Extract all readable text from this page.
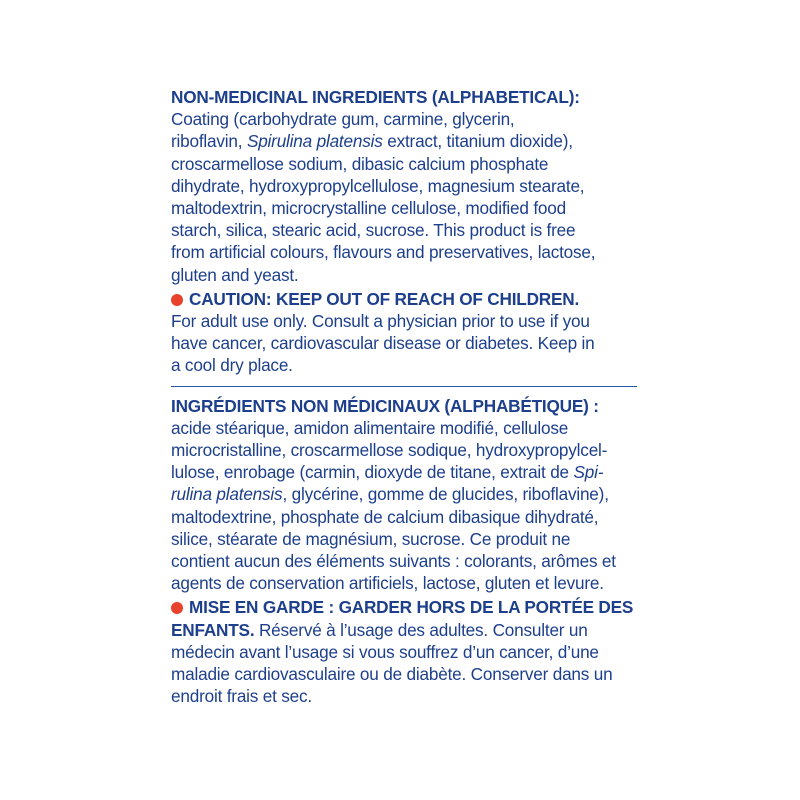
NON-MEDICINAL INGREDIENTS (ALPHABETICAL):

Coating (carbohydrate gum, carmine, glycerin,
riboflavin, Spirulina platensis extract, titanium dioxide),
croscarmellose sodium, dibasic calcium phosphate
dihydrate, hydroxypropylcellulose, magnesium stearate,
maltodextrin, microcrystalline cellulose, modified food
starch, silica, stearic acid, sucrose. This product is free
from artificial colours, flavours and preservatives, lactose,
gluten and yeast.

CAUTION: KEEP OUT OF REACH OF CHILDREN.
For adult use only. Consult a physician prior to use if you
have cancer, cardiovascular disease or diabetes. Keep in
a cool dry place.

INGRÉDIENTS NON MÉDICINAUX (ALPHABÉTIQUE) :

acide stéarique, amidon alimentaire modifié, cellulose
microcristalline, croscarmellose sodique, hydroxypropylcel-
lulose, enrobage (carmin, dioxyde de titane, extrait de Spi-
rulina platensis, glycérine, gomme de glucides, riboflavine),
maltodextrine, phosphate de calcium dibasique dihydraté,
silice, stéarate de magnésium, sucrose. Ce produit ne
contient aucun des éléments suivants : colorants, arômes et
agents de conservation artificiels, lactose, gluten et levure.

MISE EN GARDE : GARDER HORS DE LA PORTÉE DES
ENFANTS. Réservé à l’usage des adultes. Consulter un
médecin avant l’usage si vous souffrez d’un cancer, d’une
maladie cardiovasculaire ou de diabète. Conserver dans un
endroit frais et sec.
